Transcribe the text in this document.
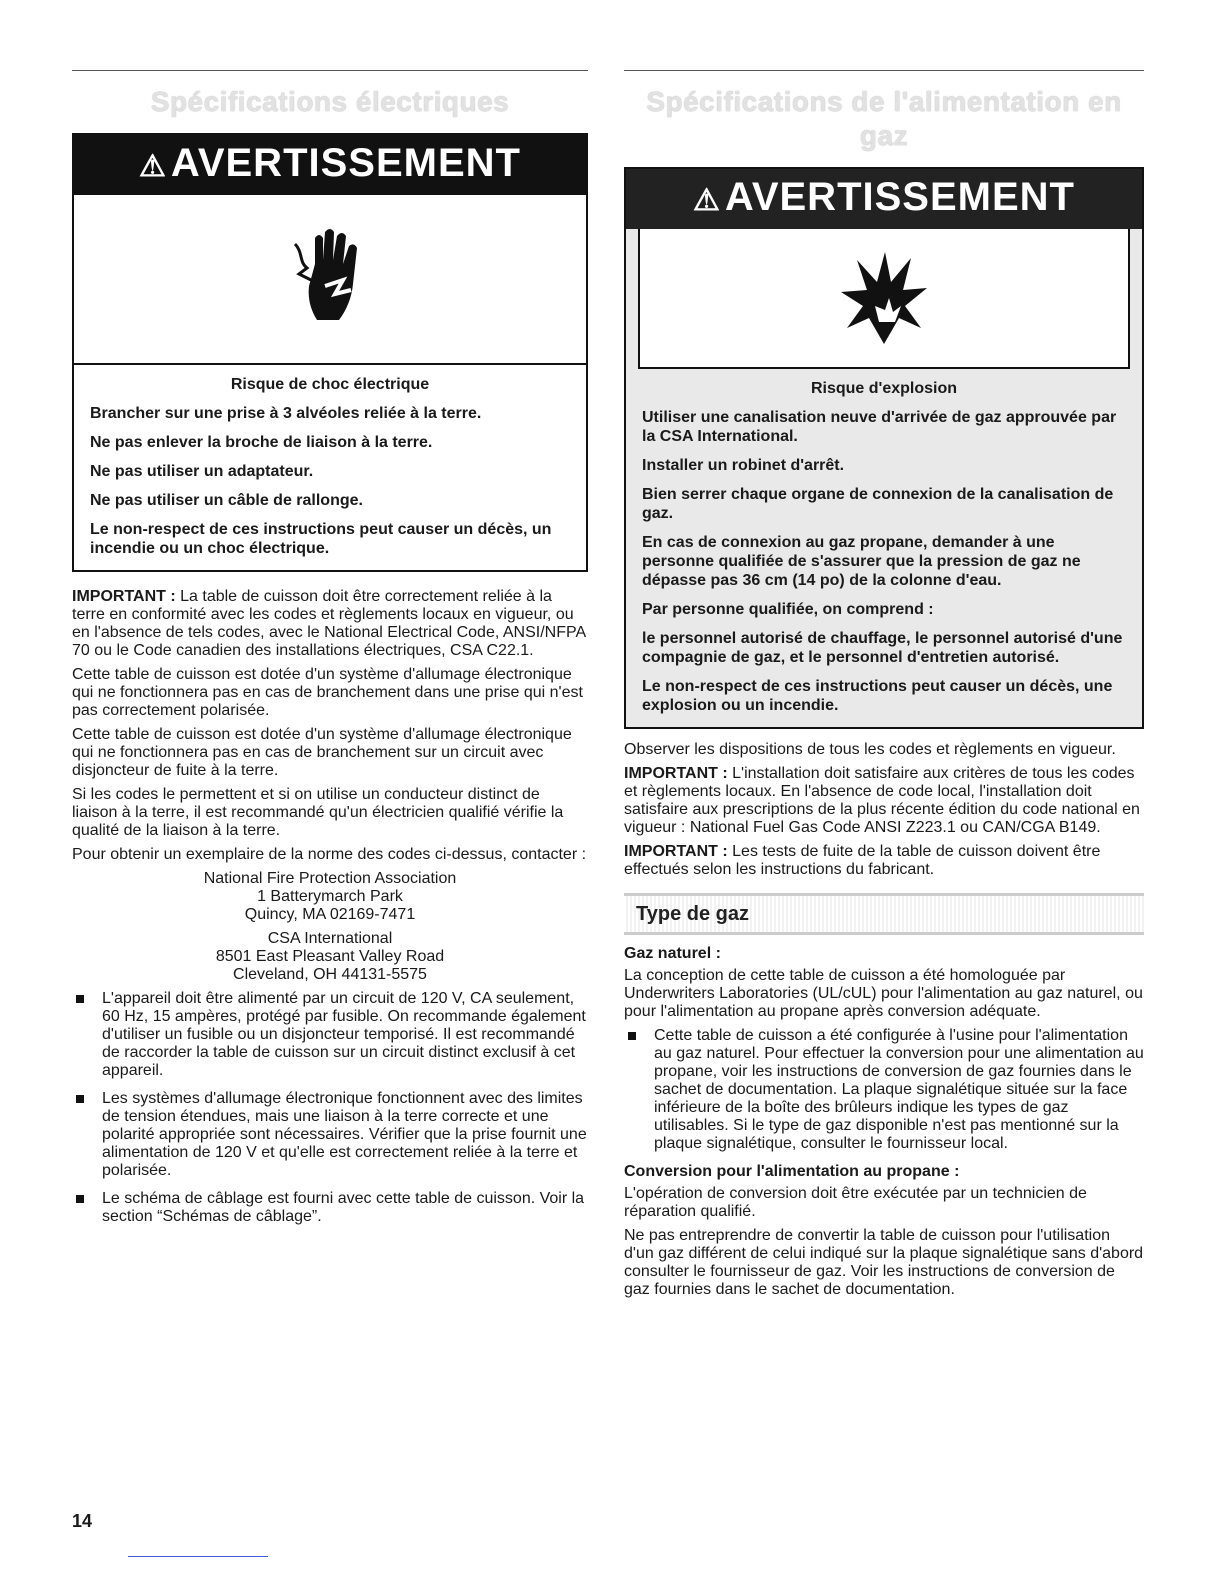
Spécifications électriques
⚠ AVERTISSEMENT

Risque de choc électrique

Brancher sur une prise à 3 alvéoles reliée à la terre.

Ne pas enlever la broche de liaison à la terre.

Ne pas utiliser un adaptateur.

Ne pas utiliser un câble de rallonge.

Le non-respect de ces instructions peut causer un décès, un incendie ou un choc électrique.

IMPORTANT : La table de cuisson doit être correctement reliée à la terre en conformité avec les codes et règlements locaux en vigueur, ou en l'absence de tels codes, avec le National Electrical Code, ANSI/NFPA 70 ou le Code canadien des installations électriques, CSA C22.1.

Cette table de cuisson est dotée d'un système d'allumage électronique qui ne fonctionnera pas en cas de branchement dans une prise qui n'est pas correctement polarisée.

Cette table de cuisson est dotée d'un système d'allumage électronique qui ne fonctionnera pas en cas de branchement sur un circuit avec disjoncteur de fuite à la terre.

Si les codes le permettent et si on utilise un conducteur distinct de liaison à la terre, il est recommandé qu'un électricien qualifié vérifie la qualité de la liaison à la terre.

Pour obtenir un exemplaire de la norme des codes ci-dessus, contacter :

National Fire Protection Association
1 Batterymarch Park
Quincy, MA 02169-7471
CSA International
8501 East Pleasant Valley Road
Cleveland, OH 44131-5575
L'appareil doit être alimenté par un circuit de 120 V, CA seulement, 60 Hz, 15 ampères, protégé par fusible. On recommande également d'utiliser un fusible ou un disjoncteur temporisé. Il est recommandé de raccorder la table de cuisson sur un circuit distinct exclusif à cet appareil.
Les systèmes d'allumage électronique fonctionnent avec des limites de tension étendues, mais une liaison à la terre correcte et une polarité appropriée sont nécessaires. Vérifier que la prise fournit une alimentation de 120 V et qu'elle est correctement reliée à la terre et polarisée.
Le schéma de câblage est fourni avec cette table de cuisson. Voir la section “Schémas de câblage”.
Spécifications de l'alimentation en gaz
⚠ AVERTISSEMENT

Risque d'explosion

Utiliser une canalisation neuve d'arrivée de gaz approuvée par la CSA International.

Installer un robinet d'arrêt.

Bien serrer chaque organe de connexion de la canalisation de gaz.

En cas de connexion au gaz propane, demander à une personne qualifiée de s'assurer que la pression de gaz ne dépasse pas 36 cm (14 po) de la colonne d'eau.

Par personne qualifiée, on comprend :

le personnel autorisé de chauffage, le personnel autorisé d'une compagnie de gaz, et le personnel d'entretien autorisé.

Le non-respect de ces instructions peut causer un décès, une explosion ou un incendie.

Observer les dispositions de tous les codes et règlements en vigueur.

IMPORTANT : L'installation doit satisfaire aux critères de tous les codes et règlements locaux. En l'absence de code local, l'installation doit satisfaire aux prescriptions de la plus récente édition du code national en vigueur : National Fuel Gas Code ANSI Z223.1 ou CAN/CGA B149.

IMPORTANT : Les tests de fuite de la table de cuisson doivent être effectués selon les instructions du fabricant.

Type de gaz
Gaz naturel :

La conception de cette table de cuisson a été homologuée par Underwriters Laboratories (UL/cUL) pour l'alimentation au gaz naturel, ou pour l'alimentation au propane après conversion adéquate.

Cette table de cuisson a été configurée à l'usine pour l'alimentation au gaz naturel. Pour effectuer la conversion pour une alimentation au propane, voir les instructions de conversion de gaz fournies dans le sachet de documentation. La plaque signalétique située sur la face inférieure de la boîte des brûleurs indique les types de gaz utilisables. Si le type de gaz disponible n'est pas mentionné sur la plaque signalétique, consulter le fournisseur local.
Conversion pour l'alimentation au propane :

L'opération de conversion doit être exécutée par un technicien de réparation qualifié.

Ne pas entreprendre de convertir la table de cuisson pour l'utilisation d'un gaz différent de celui indiqué sur la plaque signalétique sans d'abord consulter le fournisseur de gaz. Voir les instructions de conversion de gaz fournies dans le sachet de documentation.

14
